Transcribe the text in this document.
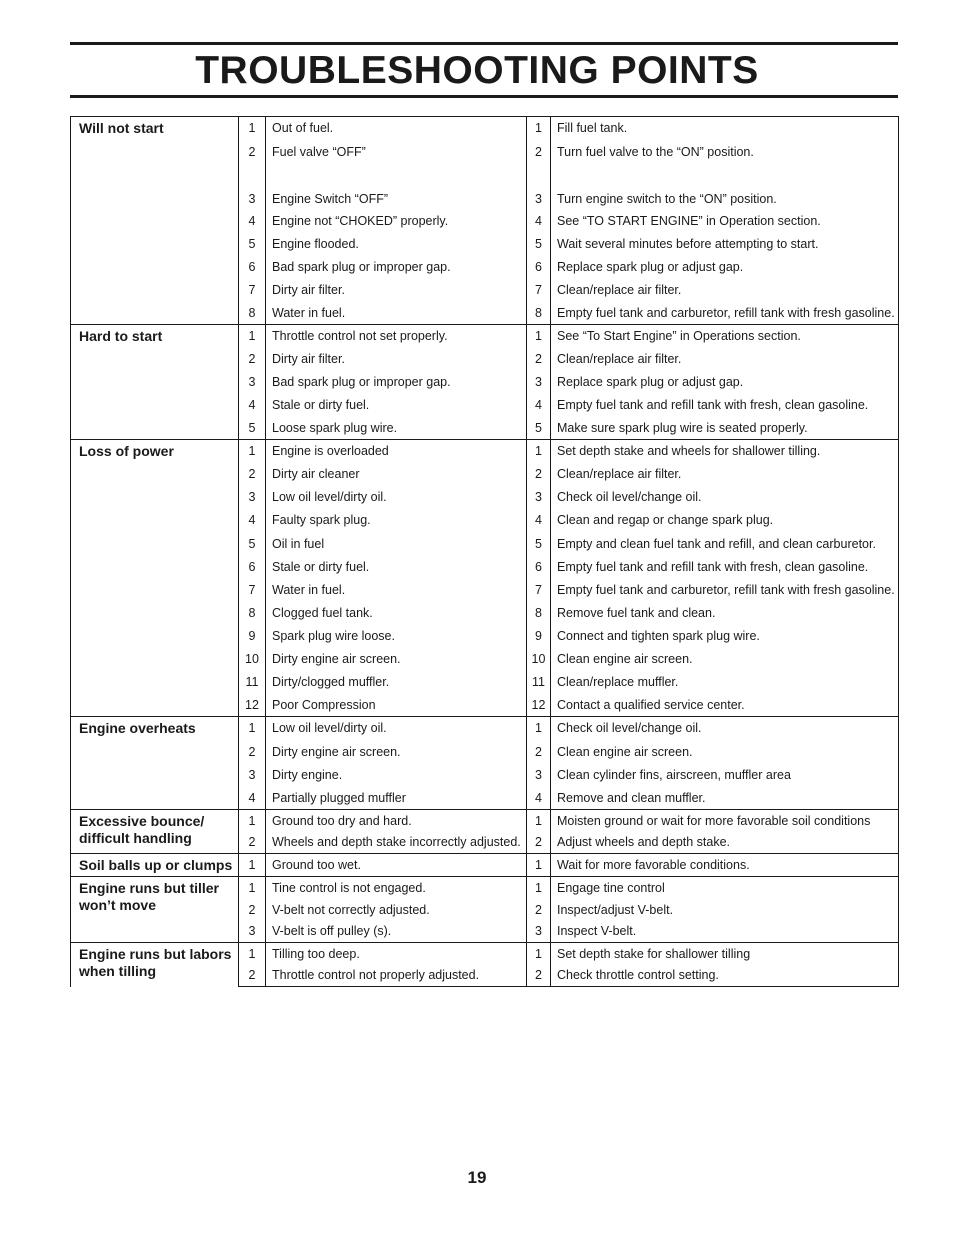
TROUBLESHOOTING POINTS
Will not start	1	Out of fuel.	1	Fill fuel tank.
	2	Fuel valve “OFF”	2	Turn fuel valve to the “ON” position.
	3	Engine Switch “OFF”	3	Turn engine switch to the “ON” position.
	4	Engine not “CHOKED” properly.	4	See “TO START ENGINE” in Operation section.
	5	Engine flooded.	5	Wait several minutes before attempting to start.
	6	Bad spark plug or improper gap.	6	Replace spark plug or adjust gap.
	7	Dirty air filter.	7	Clean/replace air filter.
	8	Water in fuel.	8	Empty fuel tank and carburetor, refill tank with fresh gasoline.
Hard to start	1	Throttle control not set properly.	1	See “To Start Engine” in Operations section.
	2	Dirty air filter.	2	Clean/replace air filter.
	3	Bad spark plug or improper gap.	3	Replace spark plug or adjust gap.
	4	Stale or dirty fuel.	4	Empty fuel tank and refill tank with fresh, clean gasoline.
	5	Loose spark plug wire.	5	Make sure spark plug wire is seated properly.
Loss of power	1	Engine is overloaded	1	Set depth stake and wheels for shallower tilling.
	2	Dirty air cleaner	2	Clean/replace air filter.
	3	Low oil level/dirty oil.	3	Check oil level/change oil.
	4	Faulty spark plug.	4	Clean and regap or change spark plug.
	5	Oil in fuel	5	Empty and clean fuel tank and refill, and clean carburetor.
	6	Stale or dirty fuel.	6	Empty fuel tank and refill tank with fresh, clean gasoline.
	7	Water in fuel.	7	Empty fuel tank and carburetor, refill tank with fresh gasoline.
	8	Clogged fuel tank.	8	Remove fuel tank and clean.
	9	Spark plug wire loose.	9	Connect and tighten spark plug wire.
	10	Dirty engine air screen.	10	Clean engine air screen.
	11	Dirty/clogged muffler.	11	Clean/replace muffler.
	12	Poor Compression	12	Contact a qualified service center.
Engine overheats	1	Low oil level/dirty oil.	1	Check oil level/change oil.
	2	Dirty engine air screen.	2	Clean engine air screen.
	3	Dirty engine.	3	Clean cylinder fins, airscreen, muffler area
	4	Partially plugged muffler	4	Remove and clean muffler.
Excessive bounce/ difficult handling	1	Ground too dry and hard.	1	Moisten ground or wait for more favorable soil conditions
	2	Wheels and depth stake incorrectly adjusted.	2	Adjust wheels and depth stake.
Soil balls up or clumps	1	Ground too wet.	1	Wait for more favorable conditions.
Engine runs but tiller won’t move	1	Tine control is not engaged.	1	Engage tine control
	2	V-belt not correctly adjusted.	2	Inspect/adjust V-belt.
	3	V-belt is off pulley (s).	3	Inspect V-belt.
Engine runs but labors when tilling	1	Tilling too deep.	1	Set depth stake for shallower tilling
	2	Throttle control not properly adjusted.	2	Check throttle control setting.
19
